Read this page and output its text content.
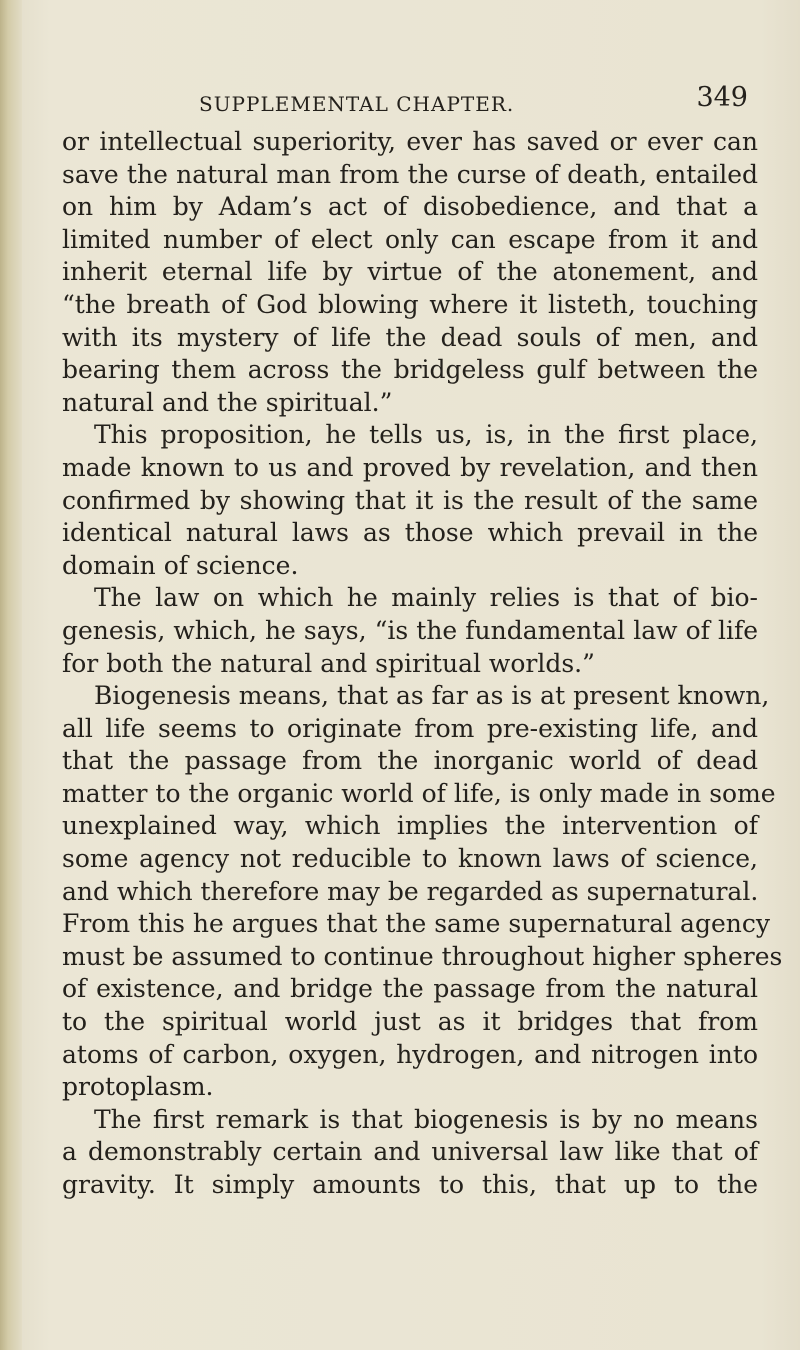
SUPPLEMENTAL CHAPTER.	349
or intellectual superiority, ever has saved or ever can
save the natural man from the curse of death, entailed
on him by Adam’s act of disobedience, and that a
limited number of elect only can escape from it and
inherit eternal life by virtue of the atonement, and
“the breath of God blowing where it listeth, touching
with its mystery of life the dead souls of men, and
bearing them across the bridgeless gulf between the
natural and the spiritual.”
This proposition, he tells us, is, in the first place,
made known to us and proved by revelation, and then
confirmed by showing that it is the result of the same
identical natural laws as those which prevail in the
domain of science.
The law on which he mainly relies is that of bio-
genesis, which, he says, “is the fundamental law of life
for both the natural and spiritual worlds.”
Biogenesis means, that as far as is at present known,
all life seems to originate from pre-existing life, and
that the passage from the inorganic world of dead
matter to the organic world of life, is only made in some
unexplained way, which implies the intervention of
some agency not reducible to known laws of science,
and which therefore may be regarded as supernatural.
From this he argues that the same supernatural agency
must be assumed to continue throughout higher spheres
of existence, and bridge the passage from the natural
to the spiritual world just as it bridges that from
atoms of carbon, oxygen, hydrogen, and nitrogen into
protoplasm.
The first remark is that biogenesis is by no means
a demonstrably certain and universal law like that of
gravity. It simply amounts to this, that up to the
